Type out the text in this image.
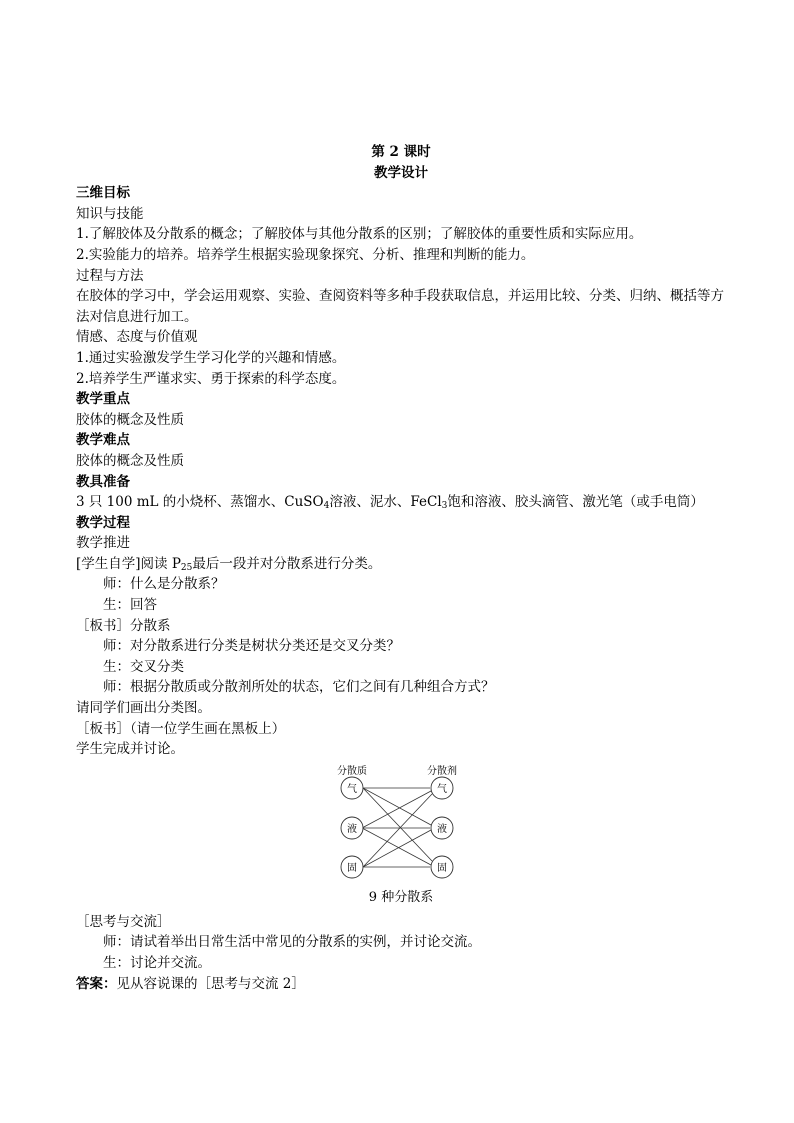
第 2 课时

教学设计

三维目标

知识与技能

1.了解胶体及分散系的概念；了解胶体与其他分散系的区别；了解胶体的重要性质和实际应用。

2.实验能力的培养。培养学生根据实验现象探究、分析、推理和判断的能力。

过程与方法

在胶体的学习中，学会运用观察、实验、查阅资料等多种手段获取信息，并运用比较、分类、归纳、概括等方法对信息进行加工。

情感、态度与价值观

1.通过实验激发学生学习化学的兴趣和情感。

2.培养学生严谨求实、勇于探索的科学态度。

教学重点

胶体的概念及性质

教学难点

胶体的概念及性质

教具准备

3 只 100 mL 的小烧杯、蒸馏水、CuSO$_4$溶液、泥水、FeCl$_3$饱和溶液、胶头滴管、激光笔（或手电筒）

教学过程

教学推进

[学生自学]阅读 $P_{25}$最后一段并对分散系进行分类。

师：什么是分散系？

生：回答

［板书］分散系

师：对分散系进行分类是树状分类还是交叉分类？

生：交叉分类

师：根据分散质或分散剂所处的状态，它们之间有几种组合方式？

请同学们画出分类图。

［板书］（请一位学生画在黑板上）

学生完成并讨论。

分散质	分散剂
气
液
固
气
液
固
9 种分散系

［思考与交流］

师：请试着举出日常生活中常见的分散系的实例，并讨论交流。

生：讨论并交流。

答案：见从容说课的［思考与交流 2］
